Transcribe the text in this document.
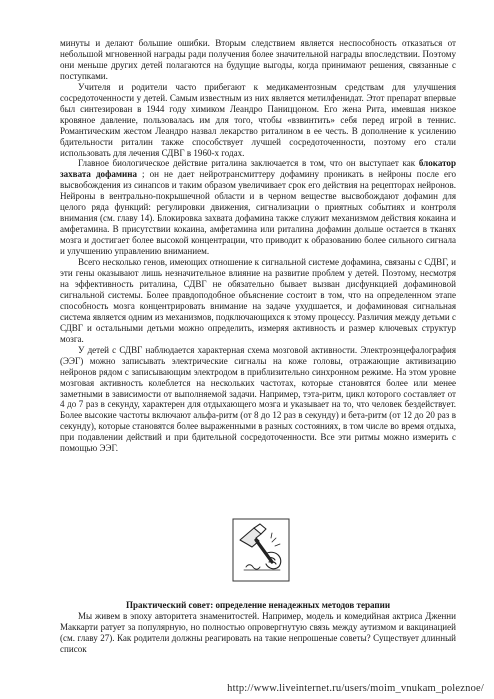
минуты и делают большие ошибки. Вторым следствием является неспособность отказаться от небольшой мгновенной награды ради получения более значительной награды впоследствии. Поэтому они меньше других детей полагаются на будущие выгоды, когда принимают решения, связанные с поступками.

Учителя и родители часто прибегают к медикаментозным средствам для улучшения сосредоточенности у детей. Самым известным из них является метилфенидат. Этот препарат впервые был синтезирован в 1944 году химиком Леандро Паниццоном. Его жена Рита, имевшая низкое кровяное давление, пользовалась им для того, чтобы «взвинтить» себя перед игрой в теннис. Романтическим жестом Леандро назвал лекарство риталином в ее честь. В дополнение к усилению бдительности риталин также способствует лучшей сосредоточенности, поэтому его стали использовать для лечения СДВГ в 1960-х годах.

Главное биологическое действие риталина заключается в том, что он выступает как блокатор захвата дофамина ; он не дает нейротрансмиттеру дофамину проникать в нейроны после его высвобождения из синапсов и таким образом увеличивает срок его действия на рецепторах нейронов. Нейроны в вентрально-покрышечной области и в черном веществе высвобождают дофамин для целого ряда функций: регулировки движения, сигнализации о приятных событиях и контроля внимания (см. главу 14). Блокировка захвата дофамина также служит механизмом действия кокаина и амфетамина. В присутствии кокаина, амфетамина или риталина дофамин дольше остается в тканях мозга и достигает более высокой концентрации, что приводит к образованию более сильного сигнала и улучшению управлению вниманием.

Всего несколько генов, имеющих отношение к сигнальной системе дофамина, связаны с СДВГ, и эти гены оказывают лишь незначительное влияние на развитие проблем у детей. Поэтому, несмотря на эффективность риталина, СДВГ не обязательно бывает вызван дисфункцией дофаминовой сигнальной системы. Более правдоподобное объяснение состоит в том, что на определенном этапе способность мозга концентрировать внимание на задаче ухудшается, и дофаминовая сигнальная система является одним из механизмов, подключающихся к этому процессу. Различия между детьми с СДВГ и остальными детьми можно определить, измеряя активность и размер ключевых структур мозга.

У детей с СДВГ наблюдается характерная схема мозговой активности. Электроэнцефалография (ЭЭГ) можно записывать электрические сигналы на коже головы, отражающие активизацию нейронов рядом с записывающим электродом в приблизительно синхронном режиме. На этом уровне мозговая активность колеблется на нескольких частотах, которые становятся более или менее заметными в зависимости от выполняемой задачи. Например, тэта-ритм, цикл которого составляет от 4 до 7 раз в секунду, характерен для отдыхающего мозга и указывает на то, что человек бездействует. Более высокие частоты включают альфа-ритм (от 8 до 12 раз в секунду) и бета-ритм (от 12 до 20 раз в секунду), которые становятся более выраженными в разных состояниях, в том числе во время отдыха, при подавлении действий и при бдительной сосредоточенности. Все эти ритмы можно измерить с помощью ЭЭГ.

Практический совет: определение ненадежных методов терапии

Мы живем в эпоху авторитета знаменитостей. Например, модель и комедийная актриса Дженни Маккарти ратует за популярную, но полностью опровергнутую связь между аутизмом и вакцинацией (см. главу 27). Как родители должны реагировать на такие непрошеные советы? Существует длинный список

http://www.liveinternet.ru/users/moim_vnukam_poleznoe/
